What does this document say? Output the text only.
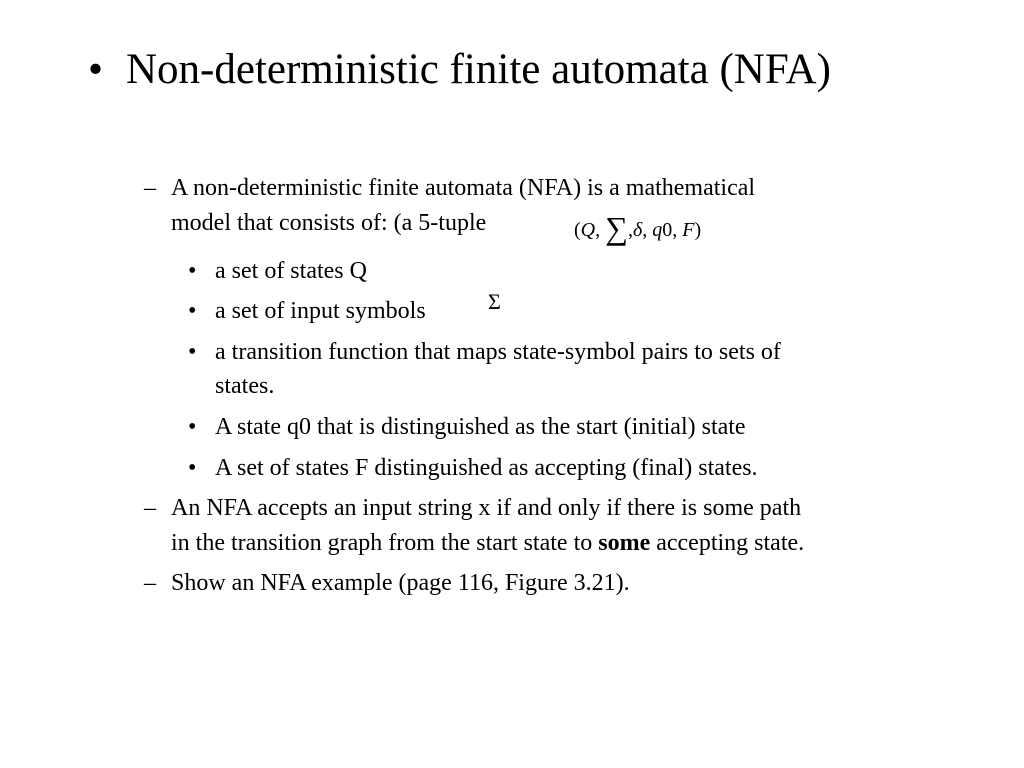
• Non-deterministic finite automata (NFA)
– A non-deterministic finite automata (NFA) is a mathematical
model that consists of: (a 5-tuple	(Q, ∑,δ, q0, F)
• a set of states Q
• a set of input symbols	Σ
• a transition function that maps state-symbol pairs to sets of
states.
• A state q0 that is distinguished as the start (initial) state
• A set of states F distinguished as accepting (final) states.
– An NFA accepts an input string x if and only if there is some path
in the transition graph from the start state to some accepting state.
– Show an NFA example (page 116, Figure 3.21).
